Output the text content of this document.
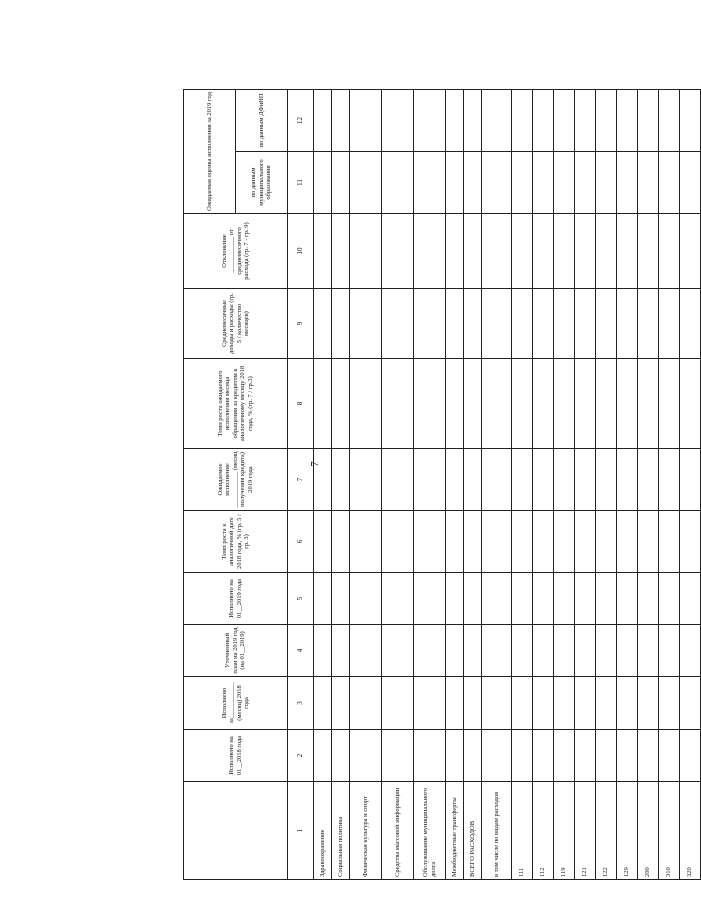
7
	Исполнено на 01__2018 года	Исполнено за___________ (месяц) 2018 года	Уточненный план на 2019 год (на 01__2019)	Исполнено на 01__2019 года	Темп роста к аналогичной дате 2018 года, % (гр. 5 / гр. 3)	Ожидаемое исполнение ___________ (месяц получения кредита) 2019 года	Темп роста ожидаемого исполнения месяца обращения за кредитом к аналогичному месяцу 2018 года, % (гр. 7 / гр.3)	Среднемесячные доходы и расходы (гр. 5 / количество месяцев)	Отклонение ___________ от среднемесячного расхода (гр. 7 - гр. 9)	Ожидаемая оценка исполнения за 2019 год	
										по данным муниципального образования	по данным ДФиНП
1	2	3	4	5	6	7	8	9	10	11	12
Здравоохранение											
Социальная политика											
Физическая культура и спорт											
Средства массовой информации											
Обслуживание муниципального долга											
Межбюджетные трансферты											
ВСЕГО РАСХОДОВ											
в том числе по видам расходов											
111											
112											
119											
121											
122											
129											
200											
310											
320											
